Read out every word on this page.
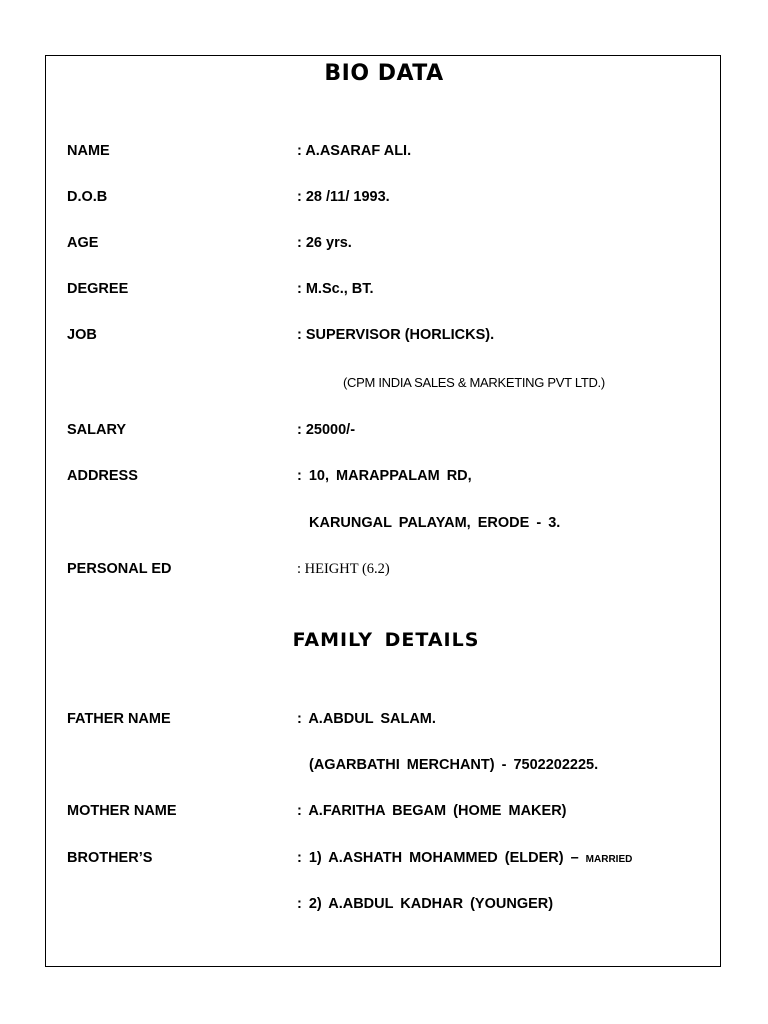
BIO DATA
NAME	: A.ASARAF ALI.
D.O.B	: 28 /11/ 1993.
AGE	: 26 yrs.
DEGREE	: M.Sc., BT.
JOB	: SUPERVISOR (HORLICKS).
(CPM INDIA SALES & MARKETING PVT LTD.)
SALARY	: 25000/-
ADDRESS	: 10, MARAPPALAM RD,
KARUNGAL PALAYAM, ERODE - 3.
PERSONAL ED	: HEIGHT (6.2)
FAMILY DETAILS
FATHER NAME	: A.ABDUL SALAM.
(AGARBATHI MERCHANT) - 7502202225.
MOTHER NAME	: A.FARITHA BEGAM (HOME MAKER)
BROTHER’S	: 1) A.ASHATH MOHAMMED (ELDER) – MARRIED
: 2) A.ABDUL KADHAR (YOUNGER)
